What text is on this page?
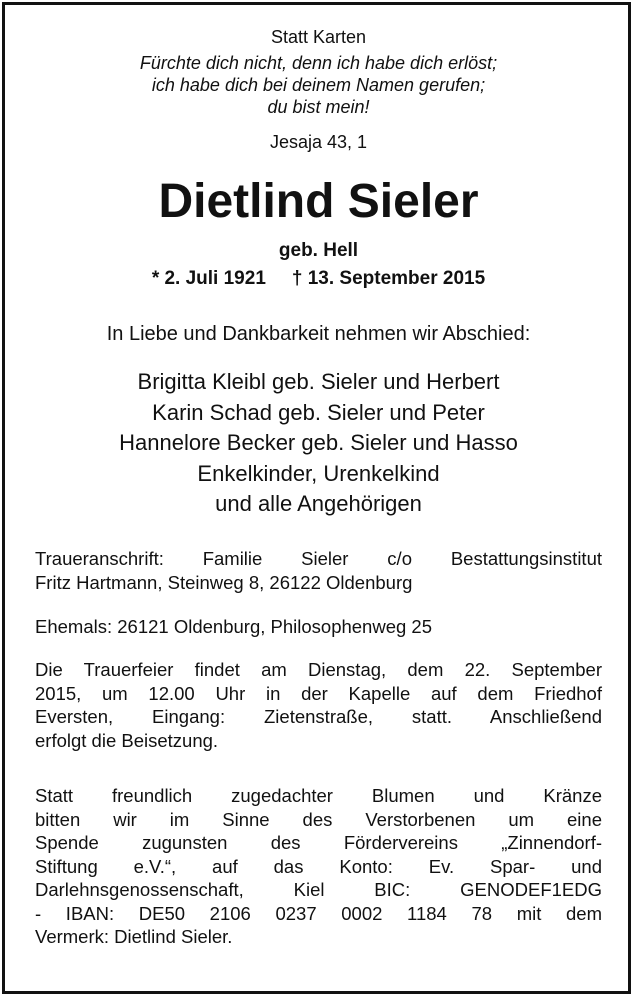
Statt Karten
Fürchte dich nicht, denn ich habe dich erlöst;
ich habe dich bei deinem Namen gerufen;
du bist mein!
Jesaja 43, 1
Dietlind Sieler
geb. Hell
* 2. Juli 1921 † 13. September 2015
In Liebe und Dankbarkeit nehmen wir Abschied:
Brigitta Kleibl geb. Sieler und Herbert
Karin Schad geb. Sieler und Peter
Hannelore Becker geb. Sieler und Hasso
Enkelkinder, Urenkelkind
und alle Angehörigen
Traueranschrift: Familie Sieler c/o Bestattungsinstitut
Fritz Hartmann, Steinweg 8, 26122 Oldenburg
Ehemals: 26121 Oldenburg, Philosophenweg 25
Die Trauerfeier findet am Dienstag, dem 22. September
2015, um 12.00 Uhr in der Kapelle auf dem Friedhof
Eversten, Eingang: Zietenstraße, statt. Anschließend
erfolgt die Beisetzung.
Statt freundlich zugedachter Blumen und Kränze
bitten wir im Sinne des Verstorbenen um eine
Spende zugunsten des Fördervereins „Zinnendorf-
Stiftung e.V.“, auf das Konto: Ev. Spar- und
Darlehnsgenossenschaft, Kiel BIC: GENODEF1EDG
- IBAN: DE50 2106 0237 0002 1184 78 mit dem
Vermerk: Dietlind Sieler.
